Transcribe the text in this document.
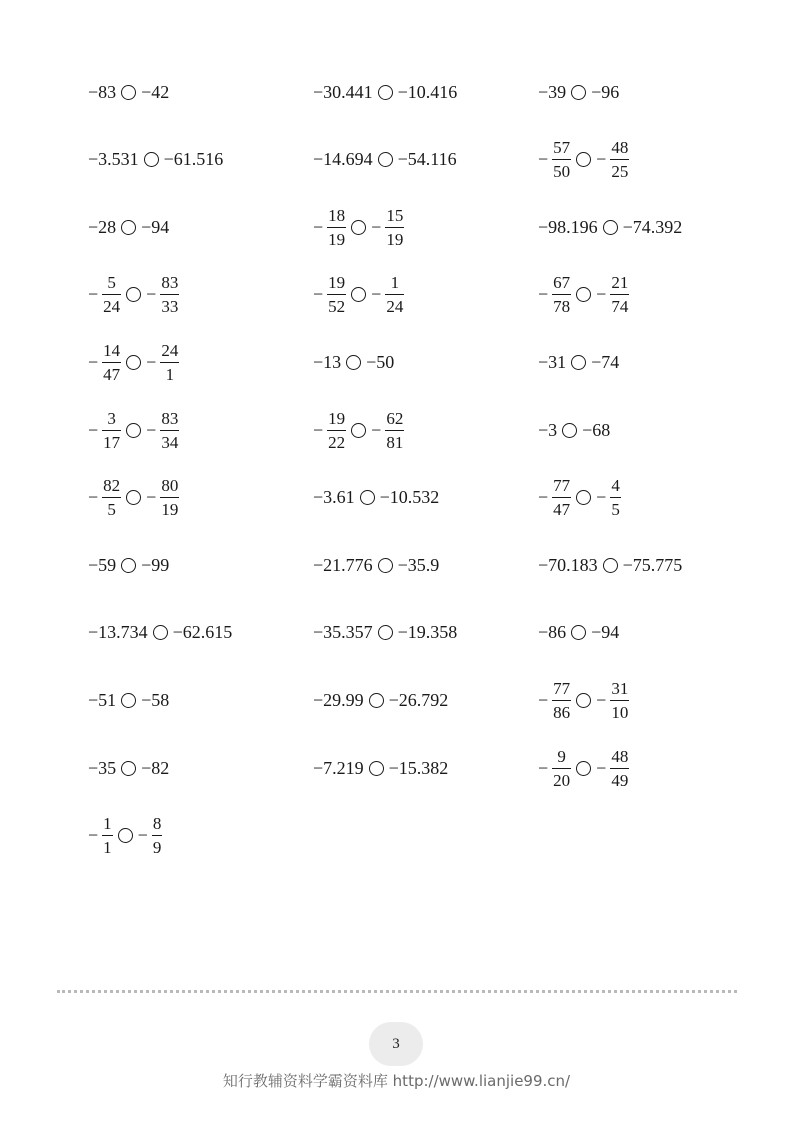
−83 −42	−30.441 −10.416	−39 −96
−3.531 −61.516	−14.694 −54.116	− $\frac{57}{50} - \frac{48}{25}$
−28 −94	− $\frac{18}{19} - \frac{15}{19}$	−98.196 −74.392
− $\frac{5}{24} - \frac{83}{33}$	− $\frac{19}{52} - \frac{1}{24}$	− $\frac{67}{78} - \frac{21}{74}$
− $\frac{14}{47} - \frac{24}{1}$	−13 −50	−31 −74
− $\frac{3}{17} - \frac{83}{34}$	− $\frac{19}{22} - \frac{62}{81}$	−3 −68
− $\frac{82}{5} - \frac{80}{19}$	−3.61 −10.532	− $\frac{77}{47} - \frac{4}{5}$
−59 −99	−21.776 −35.9	−70.183 −75.775
−13.734 −62.615	−35.357 −19.358	−86 −94
−51 −58	−29.99 −26.792	− $\frac{77}{86} - \frac{31}{10}$
−35 −82	−7.219 −15.382	− $\frac{9}{20} - \frac{48}{49}$
− $\frac{1}{1} - \frac{8}{9}$
3
知行教辅资料学霸资料库 http://www.lianjie99.cn/
